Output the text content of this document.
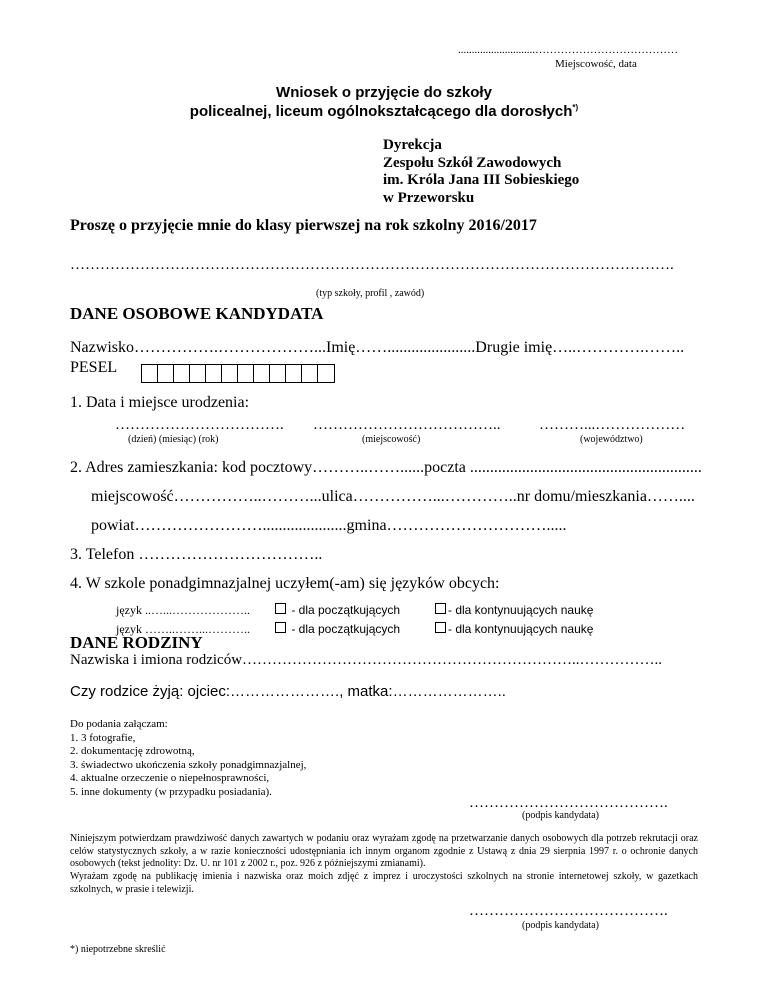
............................…………………………………
Miejscowość, data
Wniosek o przyjęcie do szkoły
policealnej, liceum ogólnokształcącego dla dorosłych*)
Dyrekcja
Zespołu Szkół Zawodowych
im. Króla Jana III Sobieskiego
w Przeworsku
Proszę o przyjęcie mnie do klasy pierwszej na rok szkolny 2016/2017
………………………………………………………………………………………………………….
(typ szkoły, profil , zawód)
DANE OSOBOWE KANDYDATA
Nazwisko…………….………………...Imię……......................Drugie imię…..………….……..
PESEL
1. Data i miejsce urodzenia:
…………………………….
(dzień) (miesiąc) (rok)
………………………………..
(miejscowość)
………...………………
(województwo)
2. Adres zamieszkania: kod pocztowy………..……......poczta ..........................................................
miejscowość……………..………...ulica……………...…………..nr domu/mieszkania……....
powiat…………………….....................gmina………………………….....
3. Telefon ……………………………..
4. W szkole ponadgimnazjalnej uczyłem(-am) się języków obcych:
język ..…...………………..	- dla początkujących	- dla kontynuujących naukę
język ……..……...………..	- dla początkujących	- dla kontynuujących naukę
DANE RODZINY
Nazwiska i imiona rodziców…………………………………………………………..……………..
Czy rodzice żyją: ojciec:…………………., matka:…………………..
Do podania załączam:
1. 3 fotografie,
2. dokumentację zdrowotną,
3. świadectwo ukończenia szkoły ponadgimnazjalnej,
4. aktualne orzeczenie o niepełnosprawności,
5. inne dokumenty (w przypadku posiadania).
………………………………….
(podpis kandydata)
Niniejszym potwierdzam prawdziwość danych zawartych w podaniu oraz wyrażam zgodę na przetwarzanie danych osobowych dla potrzeb rekrutacji oraz celów statystycznych szkoły, a w razie konieczności udostępniania ich innym organom zgodnie z Ustawą z dnia 29 sierpnia 1997 r. o ochronie danych osobowych (tekst jednolity: Dz. U. nr 101 z 2002 r., poz. 926 z późniejszymi zmianami).
Wyrażam zgodę na publikację imienia i nazwiska oraz moich zdjęć z imprez i uroczystości szkolnych na stronie internetowej szkoły, w gazetkach szkolnych, w prasie i telewizji.
………………………………….
(podpis kandydata)
*) niepotrzebne skreślić
